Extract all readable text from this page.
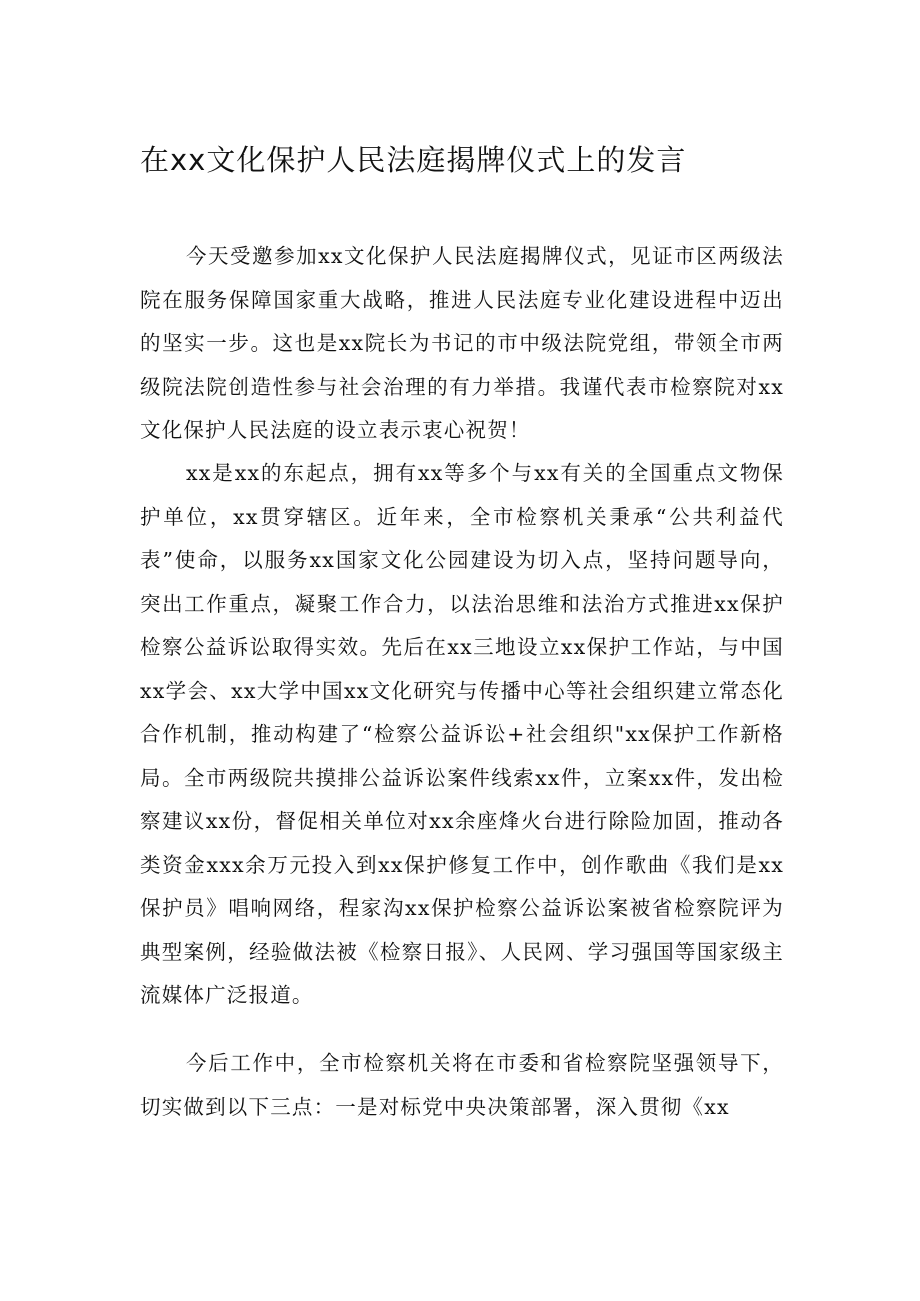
在xx文化保护人民法庭揭牌仪式上的发言

今天受邀参加xx文化保护人民法庭揭牌仪式，见证市区两级法院在服务保障国家重大战略，推进人民法庭专业化建设进程中迈出的坚实一步。这也是xx院长为书记的市中级法院党组，带领全市两级院法院创造性参与社会治理的有力举措。我谨代表市检察院对xx文化保护人民法庭的设立表示衷心祝贺！

xx是xx的东起点，拥有xx等多个与xx有关的全国重点文物保护单位，xx贯穿辖区。近年来，全市检察机关秉承“公共利益代表”使命，以服务xx国家文化公园建设为切入点，坚持问题导向，突出工作重点，凝聚工作合力，以法治思维和法治方式推进xx保护检察公益诉讼取得实效。先后在xx三地设立xx保护工作站，与中国xx学会、xx大学中国xx文化研究与传播中心等社会组织建立常态化合作机制，推动构建了“检察公益诉讼+社会组织"xx保护工作新格局。全市两级院共摸排公益诉讼案件线索xx件，立案xx件，发出检察建议xx份，督促相关单位对xx余座烽火台进行除险加固，推动各类资金xxx余万元投入到xx保护修复工作中，创作歌曲《我们是xx保护员》唱响网络，程家沟xx保护检察公益诉讼案被省检察院评为典型案例，经验做法被《检察日报》、人民网、学习强国等国家级主流媒体广泛报道。

今后工作中，全市检察机关将在市委和省检察院坚强领导下，切实做到以下三点：一是对标党中央决策部署，深入贯彻《xx
